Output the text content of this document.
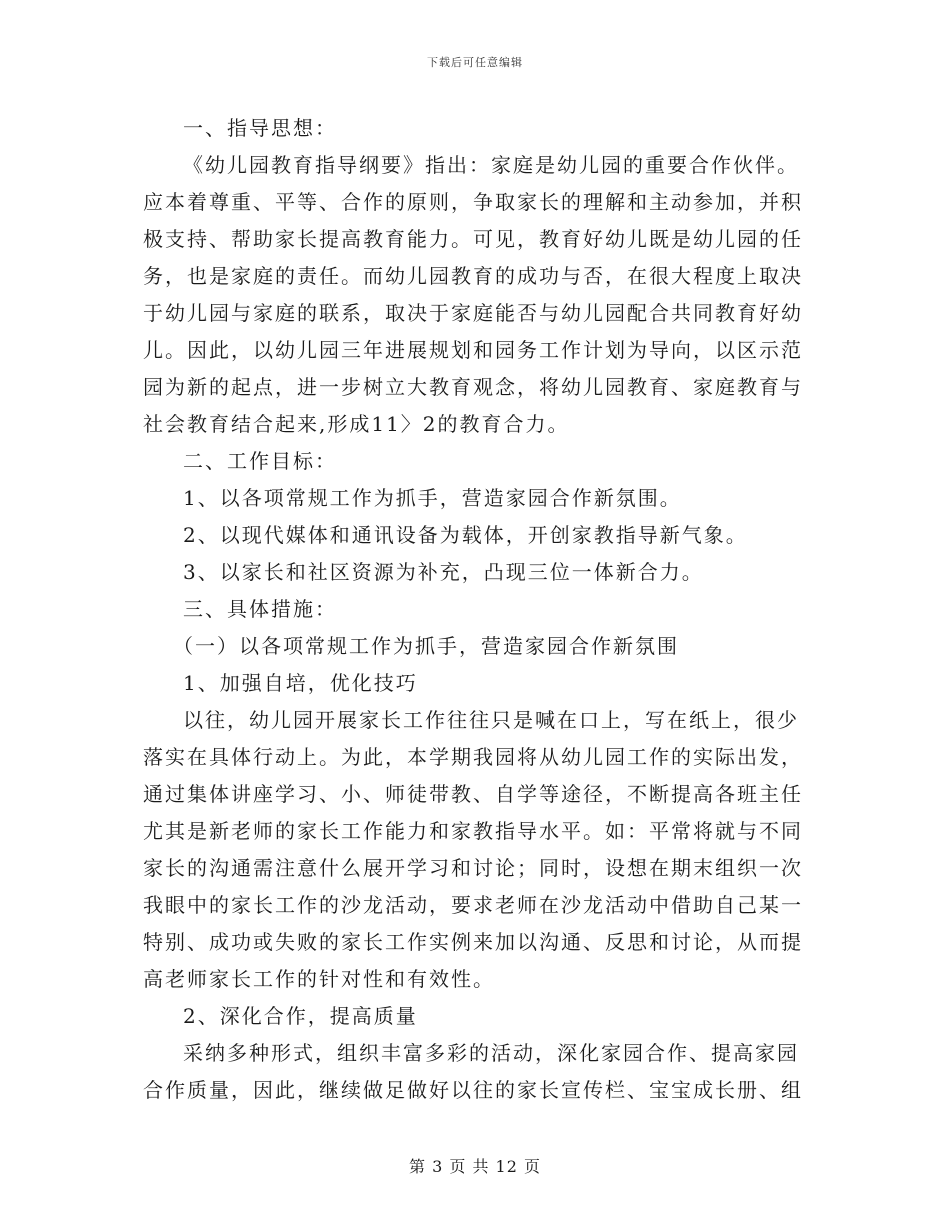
下载后可任意编辑

一、指导思想：

《幼儿园教育指导纲要》指出：家庭是幼儿园的重要合作伙伴。

应本着尊重、平等、合作的原则，争取家长的理解和主动参加，并积

极支持、帮助家长提高教育能力。可见，教育好幼儿既是幼儿园的任

务，也是家庭的责任。而幼儿园教育的成功与否，在很大程度上取决

于幼儿园与家庭的联系，取决于家庭能否与幼儿园配合共同教育好幼

儿。因此，以幼儿园三年进展规划和园务工作计划为导向，以区示范

园为新的起点，进一步树立大教育观念，将幼儿园教育、家庭教育与

社会教育结合起来,形成11〉2的教育合力。

二、工作目标：

1、以各项常规工作为抓手，营造家园合作新氛围。

2、以现代媒体和通讯设备为载体，开创家教指导新气象。

3、以家长和社区资源为补充，凸现三位一体新合力。

三、具体措施：

（一）以各项常规工作为抓手，营造家园合作新氛围

1、加强自培，优化技巧

以往，幼儿园开展家长工作往往只是喊在口上，写在纸上，很少

落实在具体行动上。为此，本学期我园将从幼儿园工作的实际出发，

通过集体讲座学习、小、师徒带教、自学等途径，不断提高各班主任

尤其是新老师的家长工作能力和家教指导水平。如：平常将就与不同

家长的沟通需注意什么展开学习和讨论；同时，设想在期末组织一次

我眼中的家长工作的沙龙活动，要求老师在沙龙活动中借助自己某一

特别、成功或失败的家长工作实例来加以沟通、反思和讨论，从而提

高老师家长工作的针对性和有效性。

2、深化合作，提高质量

采纳多种形式，组织丰富多彩的活动，深化家园合作、提高家园

合作质量，因此，继续做足做好以往的家长宣传栏、宝宝成长册、组

第 3 页 共 12 页
